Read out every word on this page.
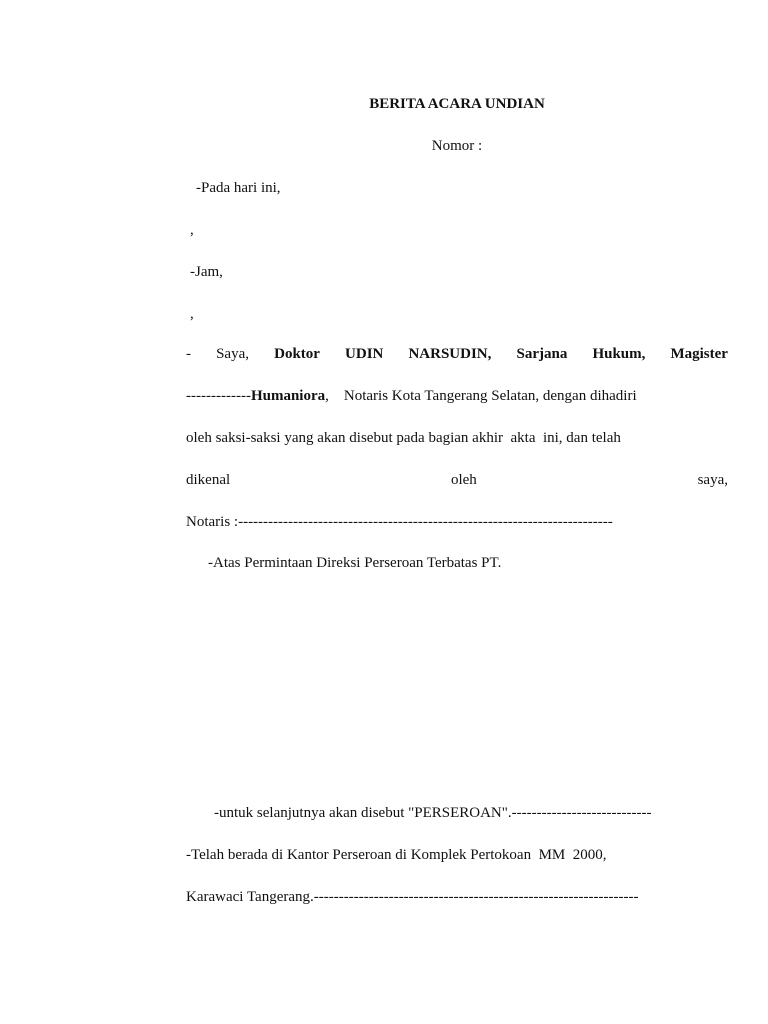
BERITA ACARA UNDIAN
Nomor :
-Pada hari ini,
,
-Jam,
,
- Saya, Doktor UDIN NARSUDIN, Sarjana Hukum, Magister
-------------Humaniora,    Notaris Kota Tangerang Selatan, dengan dihadiri
oleh saksi-saksi yang akan disebut pada bagian akhir  akta  ini, dan telah
dikenal	oleh	saya,
Notaris :---------------------------------------------------------------------------
-Atas Permintaan Direksi Perseroan Terbatas PT.
-untuk selanjutnya akan disebut "PERSEROAN".----------------------------
-Telah berada di Kantor Perseroan di Komplek Pertokoan  MM  2000,
Karawaci Tangerang.-----------------------------------------------------------------
